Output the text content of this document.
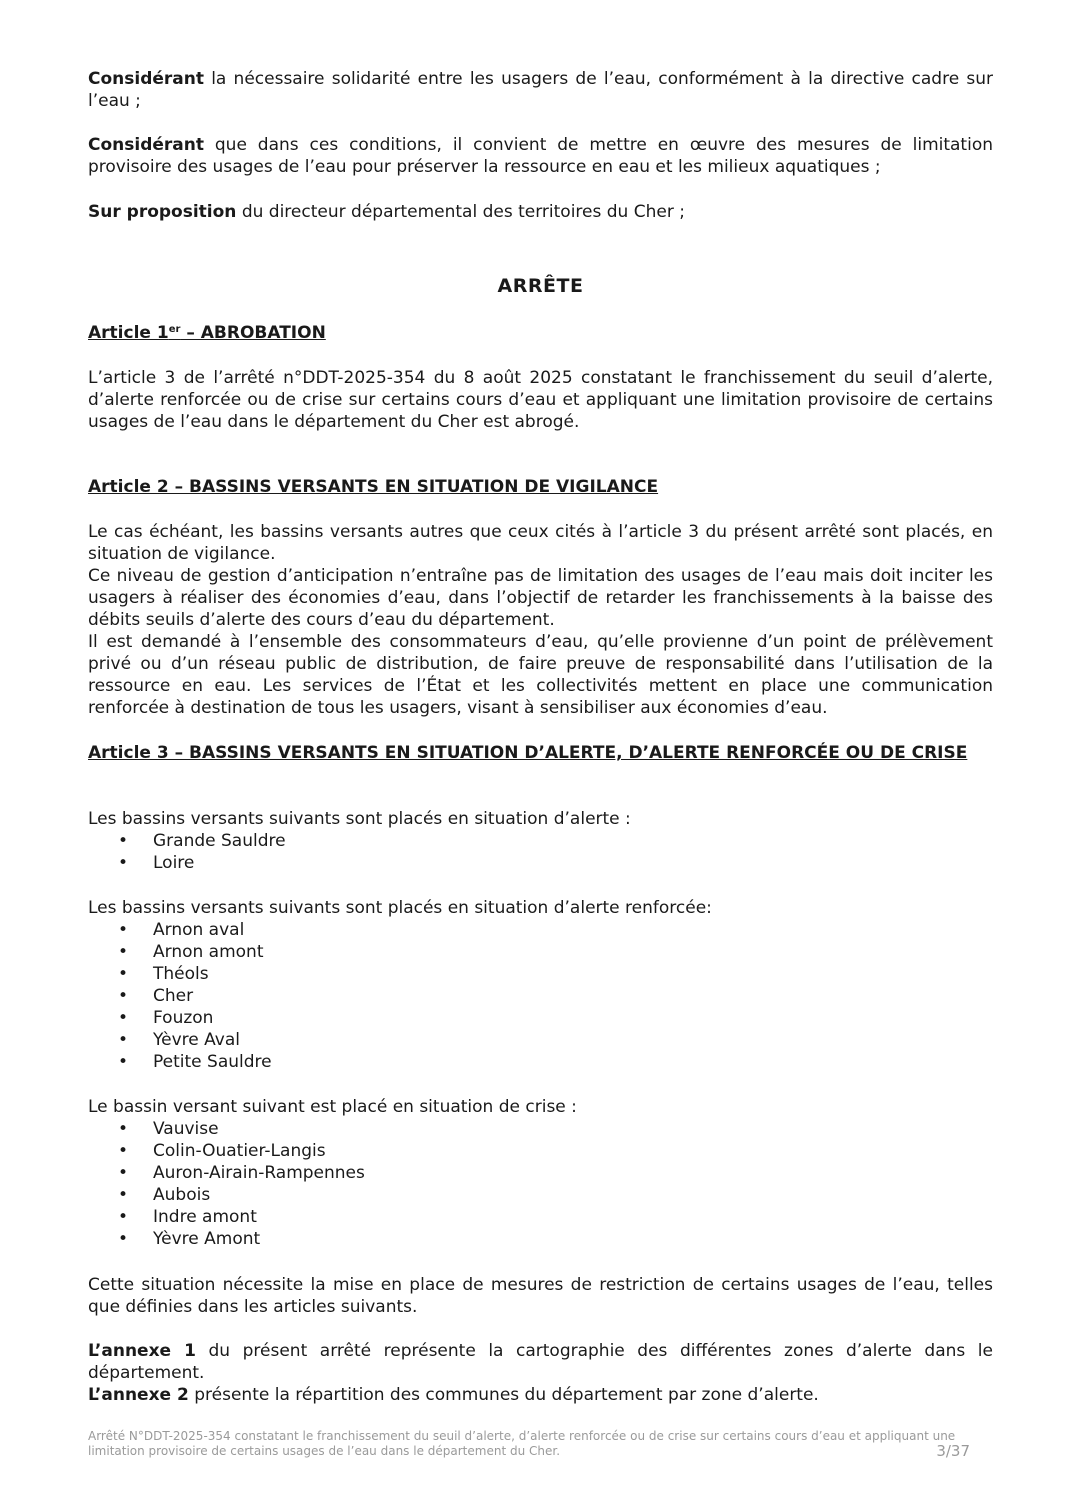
Considérant la nécessaire solidarité entre les usagers de l’eau, conformément à la directive cadre sur l’eau ;

Considérant que dans ces conditions, il convient de mettre en œuvre des mesures de limitation provisoire des usages de l’eau pour préserver la ressource en eau et les milieux aquatiques ;

Sur proposition du directeur départemental des territoires du Cher ;

ARRÊTE
Article 1er – ABROBATION

L’article 3 de l’arrêté n°DDT-2025-354 du 8 août 2025 constatant le franchissement du seuil d’alerte, d’alerte renforcée ou de crise sur certains cours d’eau et appliquant une limitation provisoire de certains usages de l’eau dans le département du Cher est abrogé.

Article 2 – BASSINS VERSANTS EN SITUATION DE VIGILANCE

Le cas échéant, les bassins versants autres que ceux cités à l’article 3 du présent arrêté sont placés, en situation de vigilance.

Ce niveau de gestion d’anticipation n’entraîne pas de limitation des usages de l’eau mais doit inciter les usagers à réaliser des économies d’eau, dans l’objectif de retarder les franchissements à la baisse des débits seuils d’alerte des cours d’eau du département.

Il est demandé à l’ensemble des consommateurs d’eau, qu’elle provienne d’un point de prélèvement privé ou d’un réseau public de distribution, de faire preuve de responsabilité dans l’utilisation de la ressource en eau. Les services de l’État et les collectivités mettent en place une communication renforcée à destination de tous les usagers, visant à sensibiliser aux économies d’eau.

Article 3 – BASSINS VERSANTS EN SITUATION D’ALERTE, D’ALERTE RENFORCÉE OU DE CRISE

Les bassins versants suivants sont placés en situation d’alerte :

• Grande Sauldre
• Loire

Les bassins versants suivants sont placés en situation d’alerte renforcée:

• Arnon aval
• Arnon amont
• Théols
• Cher
• Fouzon
• Yèvre Aval
• Petite Sauldre

Le bassin versant suivant est placé en situation de crise :

• Vauvise
• Colin-Ouatier-Langis
• Auron-Airain-Rampennes
• Aubois
• Indre amont
• Yèvre Amont

Cette situation nécessite la mise en place de mesures de restriction de certains usages de l’eau, telles que définies dans les articles suivants.

L’annexe 1 du présent arrêté représente la cartographie des différentes zones d’alerte dans le département.

L’annexe 2 présente la répartition des communes du département par zone d’alerte.

Arrêté N°DDT-2025-354 constatant le franchissement du seuil d’alerte, d’alerte renforcée ou de crise sur certains cours d’eau et appliquant une limitation provisoire de certains usages de l’eau dans le département du Cher.	3/37
